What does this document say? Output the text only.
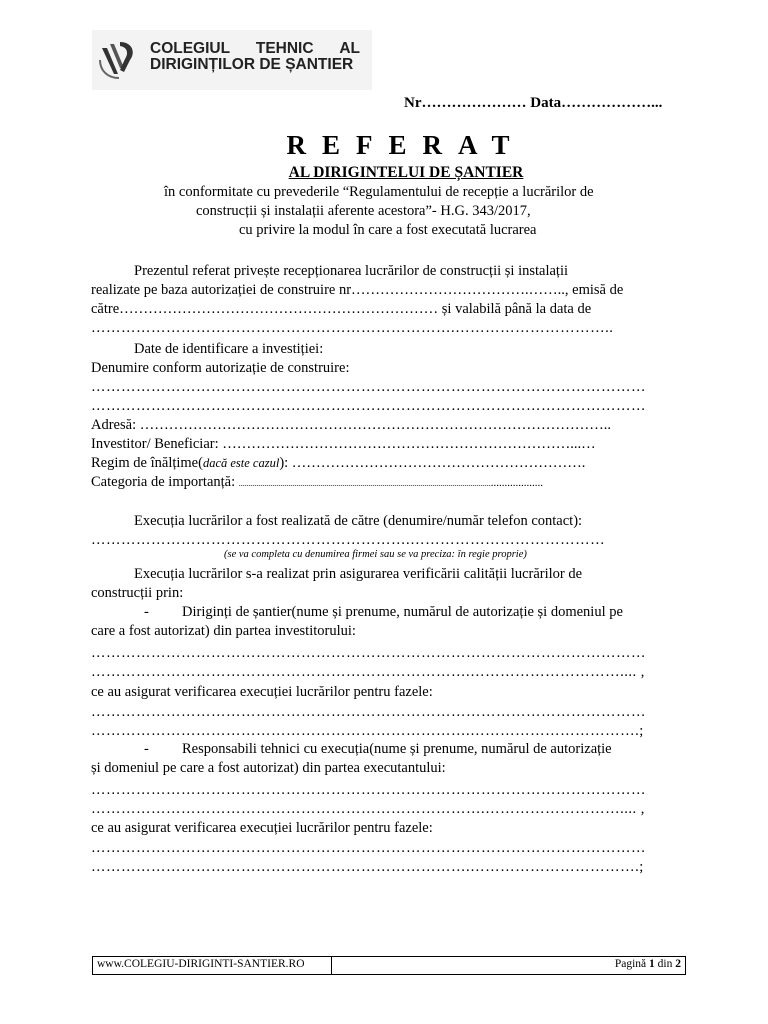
COLEGIUL TEHNIC AL
DIRIGINȚILOR DE ȘANTIER
Nr………………… Data………………...
REFERAT
AL DIRIGINTELUI DE ȘANTIER
în conformitate cu prevederile “Regulamentului de recepție a lucrărilor de
construcții și instalații aferente acestora”- H.G. 343/2017,
cu privire la modul în care a fost executată lucrarea
Prezentul referat privește recepționarea lucrărilor de construcții și instalații
realizate pe baza autorizației de construire nr……………………………….…….., emisă de
către………………………………………………………… și valabilă până la data de
……………………………………………………………….…………………………..
Date de identificare a investiției:
Denumire conform autorizație de construire:
…………………………………………………………………………………………………
…………………………………………………………………………………………………
Adresă: ……………………………………………………………………………………..
Investitor/ Beneficiar: ………………………………………………………………...…
Regim de înălțime(dacă este cazul): …………………………………………………….
Categoria de importanță: .................................................................................................................................................
Execuția lucrărilor a fost realizată de către (denumire/număr telefon contact):
……………………………………………………….…………………………………
(se va completa cu denumirea firmei sau se va preciza: în regie proprie)
Execuția lucrărilor s-a realizat prin asigurarea verificării calității lucrărilor de
construcții prin:
- Diriginți de șantier(nume și prenume, numărul de autorizație și domeniul pe
care a fost autorizat) din partea investitorului:
…………………………………………………………………………………………………
………………………………………………………………….………………………….... ,
ce au asigurat verificarea execuției lucrărilor pentru fazele:
…………………………………………………………………………………………………
………………………………………………………………….…………………………….;
- Responsabili tehnici cu execuția(nume și prenume, numărul de autorizație
și domeniul pe care a fost autorizat) din partea executantului:
…………………………………………………………………………………………………
…………………………………………………………………….……………………….... ,
ce au asigurat verificarea execuției lucrărilor pentru fazele:
…………………………………………………………………………………………………
………………………………………………………………….…………………………….;
www.COLEGIU-DIRIGINTI-SANTIER.RO	Pagină 1 din 2
